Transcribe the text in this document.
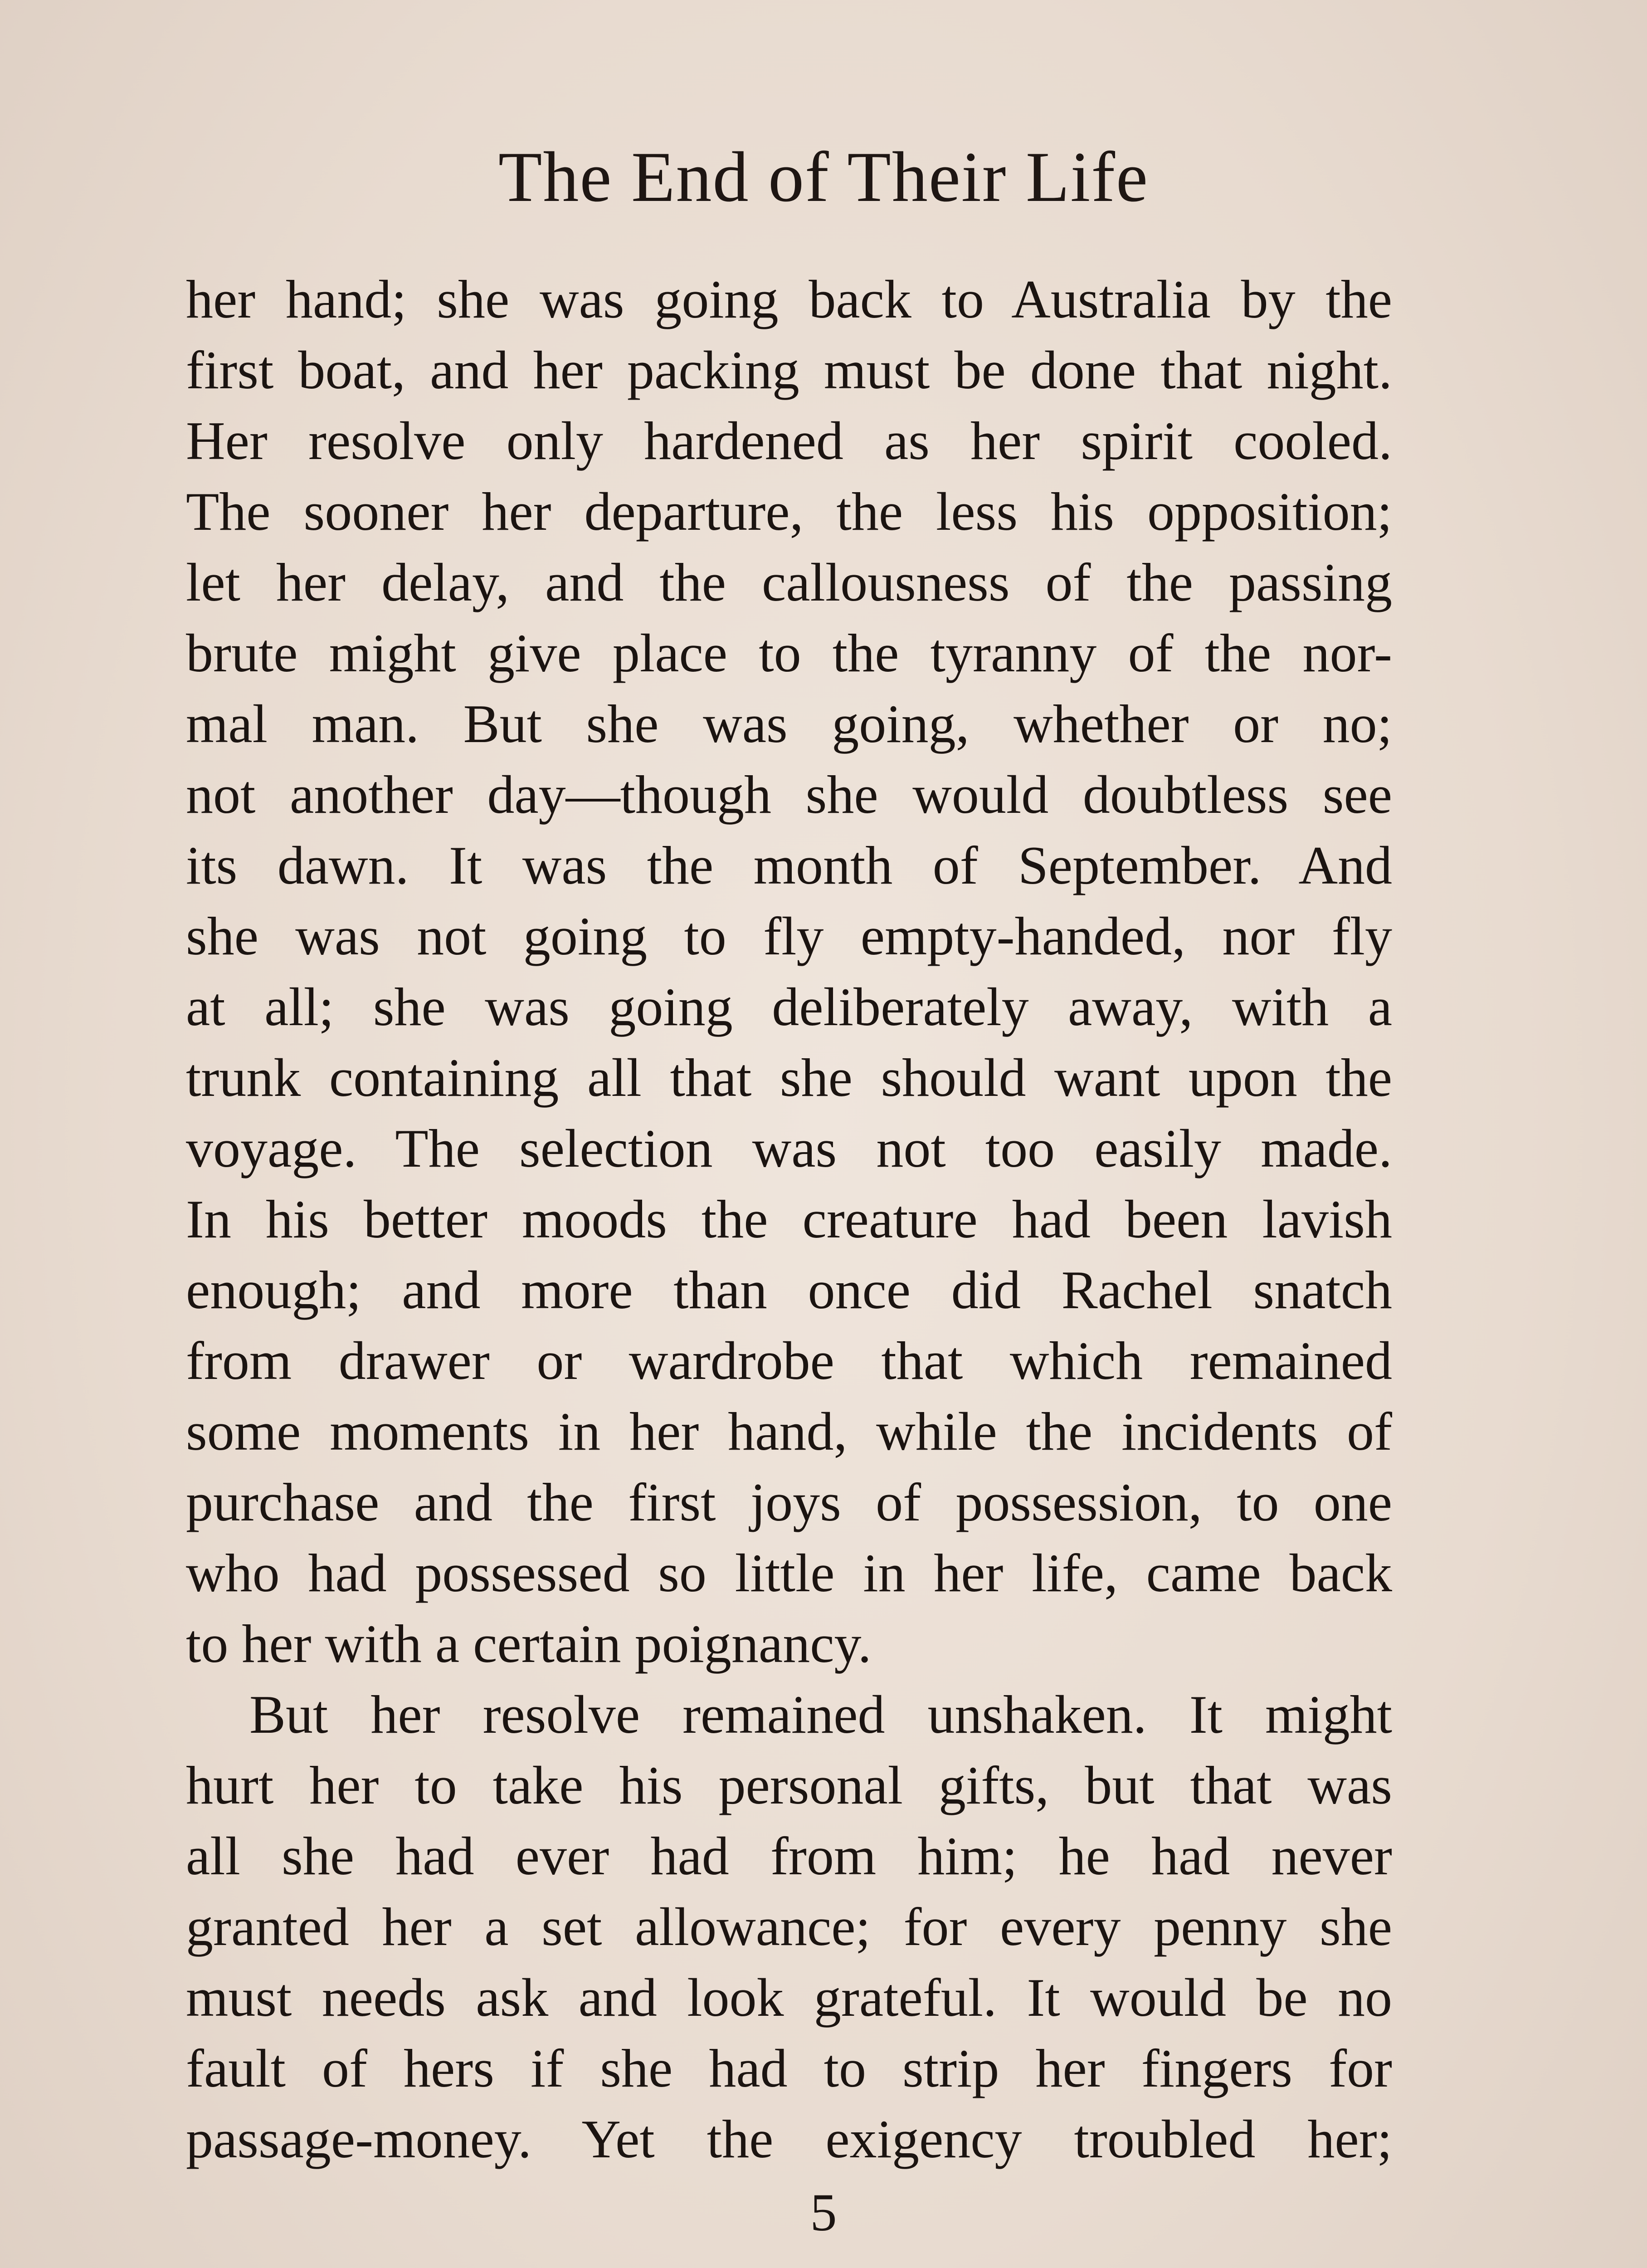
The End of Their Life
her hand; she was going back to Australia by the
first boat, and her packing must be done that night.
Her resolve only hardened as her spirit cooled.
The sooner her departure, the less his opposition;
let her delay, and the callousness of the passing
brute might give place to the tyranny of the nor-
mal man. But she was going, whether or no;
not another day—though she would doubtless see
its dawn. It was the month of September. And
she was not going to fly empty-handed, nor fly
at all; she was going deliberately away, with a
trunk containing all that she should want upon the
voyage. The selection was not too easily made.
In his better moods the creature had been lavish
enough; and more than once did Rachel snatch
from drawer or wardrobe that which remained
some moments in her hand, while the incidents of
purchase and the first joys of possession, to one
who had possessed so little in her life, came back
to her with a certain poignancy.
But her resolve remained unshaken. It might
hurt her to take his personal gifts, but that was
all she had ever had from him; he had never
granted her a set allowance; for every penny she
must needs ask and look grateful. It would be no
fault of hers if she had to strip her fingers for
passage-money. Yet the exigency troubled her;
5
